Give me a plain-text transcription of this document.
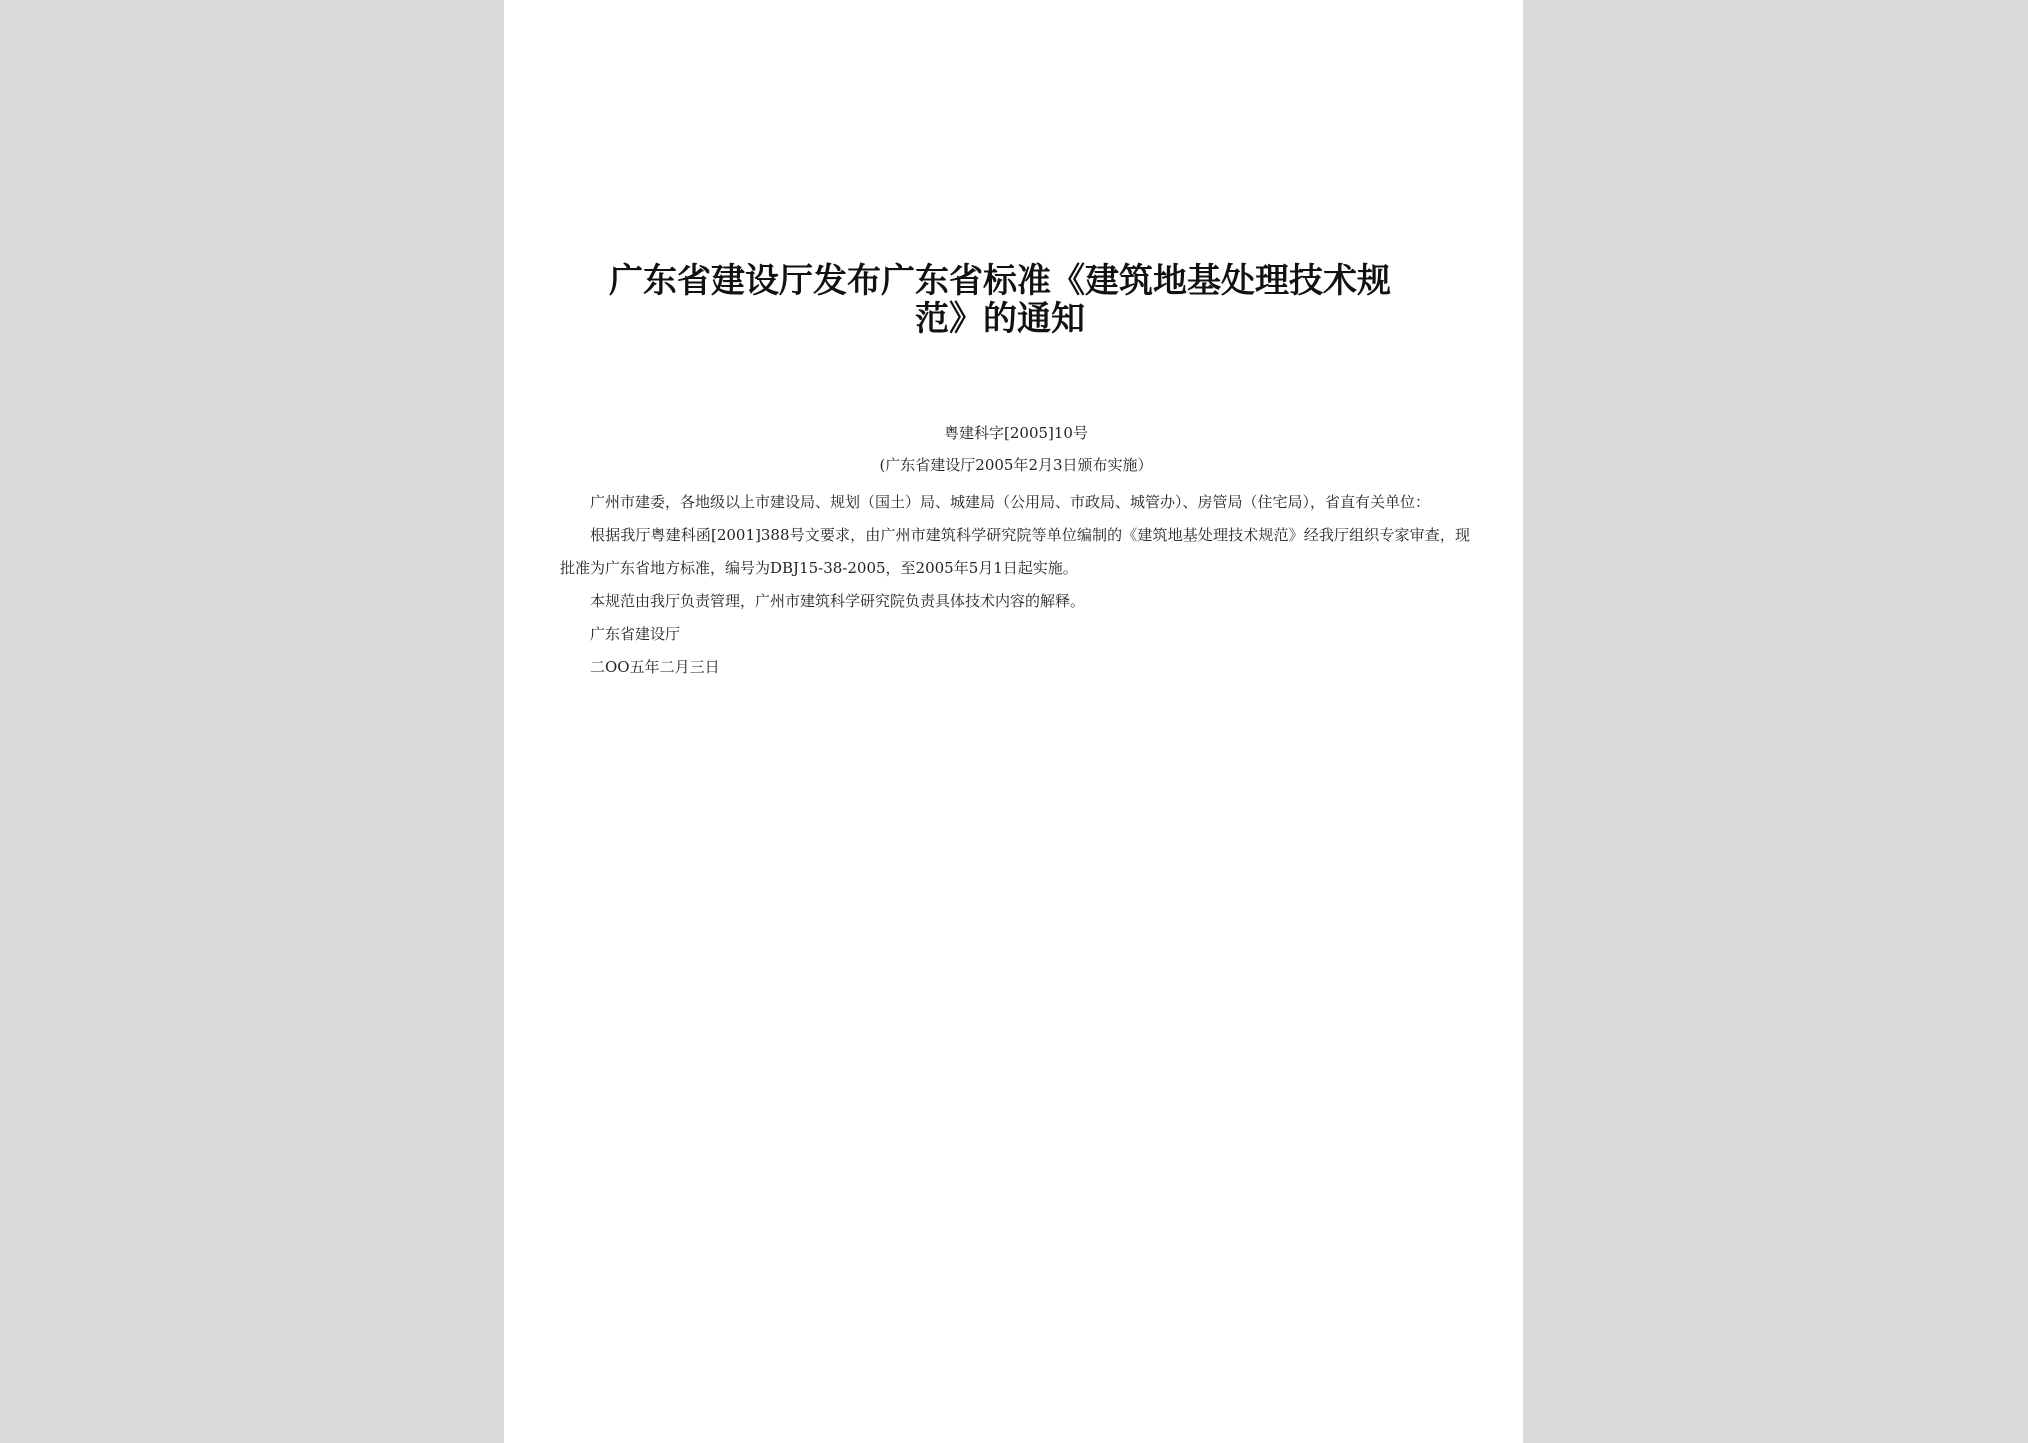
广东省建设厅发布广东省标准《建筑地基处理技术规范》的通知

粤建科字[2005]10号

(广东省建设厅2005年2月3日颁布实施）

广州市建委，各地级以上市建设局、规划（国土）局、城建局（公用局、市政局、城管办）、房管局（住宅局），省直有关单位：

根据我厅粤建科函[2001]388号文要求，由广州市建筑科学研究院等单位编制的《建筑地基处理技术规范》经我厅组织专家审查，现批准为广东省地方标准，编号为DBJ15-38-2005，至2005年5月1日起实施。

本规范由我厅负责管理，广州市建筑科学研究院负责具体技术内容的解释。

广东省建设厅

二OO五年二月三日
